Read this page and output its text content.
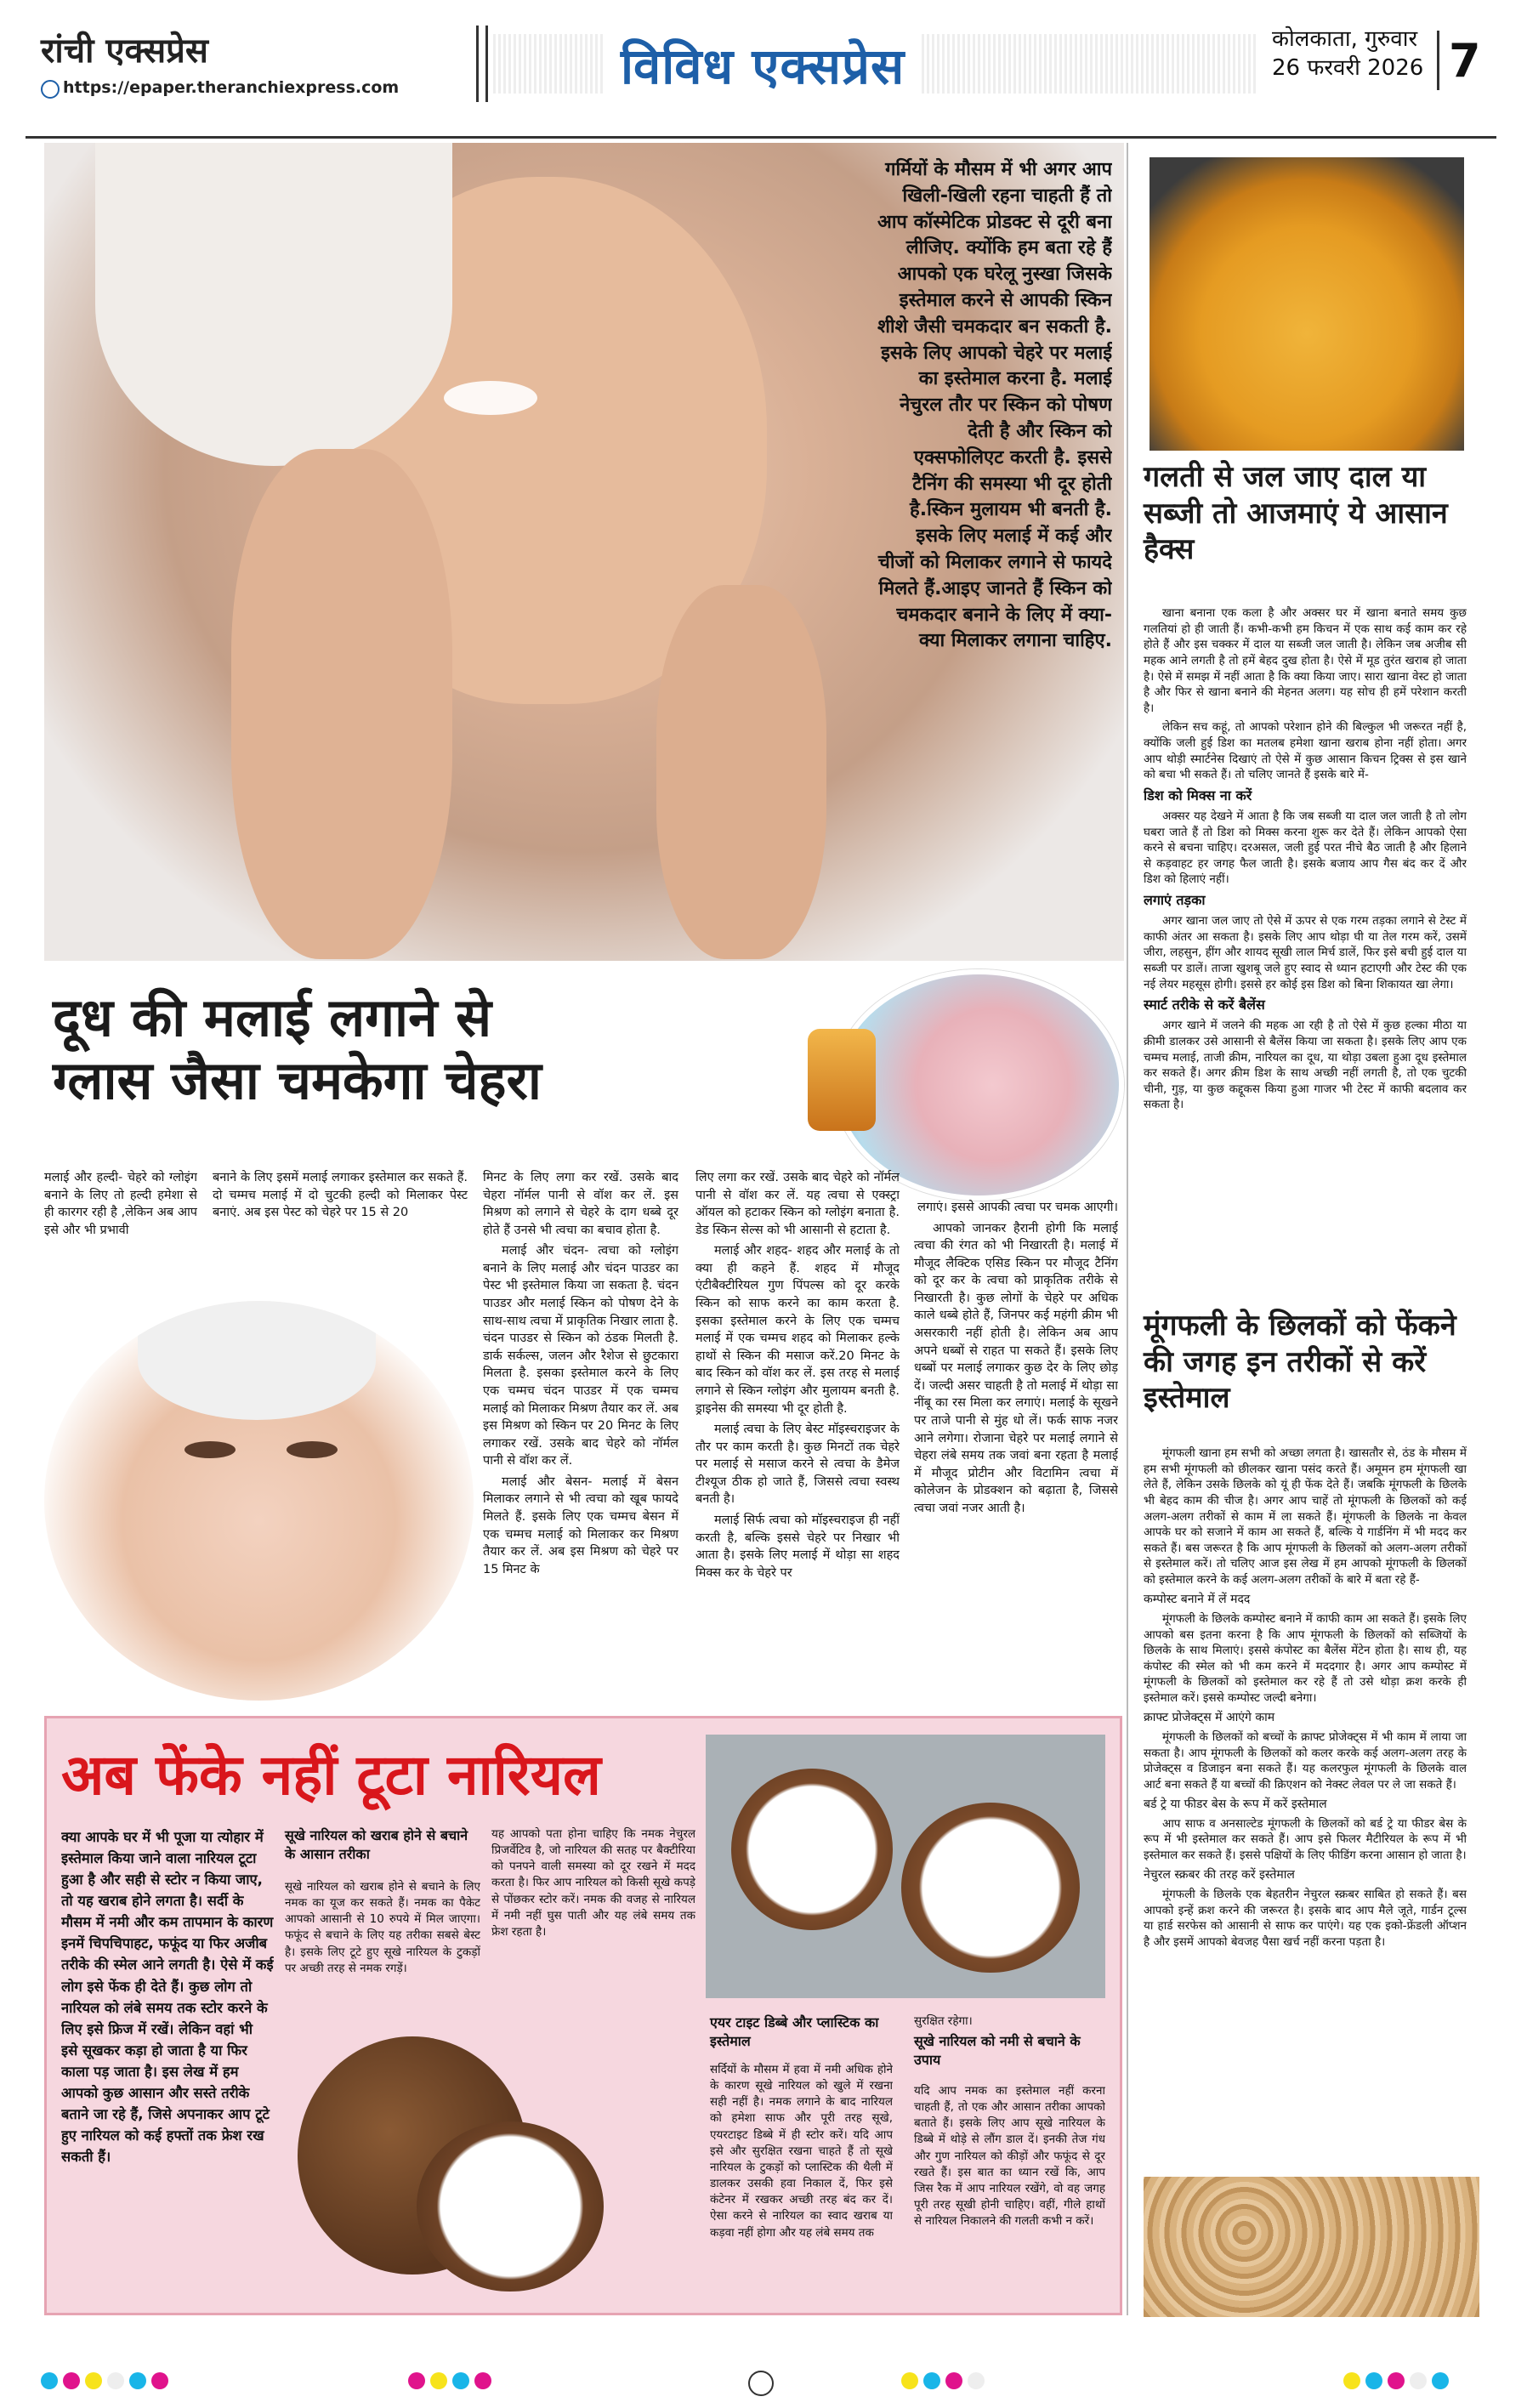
रांची एक्सप्रेस
https://epaper.theranchiexpress.com	विविध एक्सप्रेस	कोलकाता, गुरुवार
26 फरवरी 2026 7
गर्मियों के मौसम में भी अगर आप खिली-खिली रहना चाहती हैं तो आप कॉस्मेटिक प्रोडक्ट से दूरी बना लीजिए. क्योंकि हम बता रहे हैं आपको एक घरेलू नुस्खा जिसके इस्तेमाल करने से आपकी स्किन शीशे जैसी चमकदार बन सकती है. इसके लिए आपको चेहरे पर मलाई का इस्तेमाल करना है. मलाई नेचुरल तौर पर स्किन को पोषण देती है और स्किन को एक्सफोलिएट करती है. इससे टैनिंग की समस्या भी दूर होती है.स्किन मुलायम भी बनती है. इसके लिए मलाई में कई और चीजों को मिलाकर लगाने से फायदे मिलते हैं.आइए जानते हैं स्किन को चमकदार बनाने के लिए में क्या-क्या मिलाकर लगाना चाहिए.
दूध की मलाई लगाने से
ग्लास जैसा चमकेगा चेहरा
मलाई और हल्दी- चेहरे को ग्लोइंग बनाने के लिए तो हल्दी हमेशा से ही कारगर रही है ,लेकिन अब आप इसे और भी प्रभावी
बनाने के लिए इसमें मलाई लगाकर इस्तेमाल कर सकते हैं. दो चम्मच मलाई में दो चुटकी हल्दी को मिलाकर पेस्ट बनाएं. अब इस पेस्ट को चेहरे पर 15 से 20

मिनट के लिए लगा कर रखें. उसके बाद चेहरा नॉर्मल पानी से वॉश कर लें. इस मिश्रण को लगाने से चेहरे के दाग धब्बे दूर होते हैं उनसे भी त्वचा का बचाव होता है.

मलाई और चंदन- त्वचा को ग्लोइंग बनाने के लिए मलाई और चंदन पाउडर का पेस्ट भी इस्तेमाल किया जा सकता है. चंदन पाउडर और मलाई स्किन को पोषण देने के साथ-साथ त्वचा में प्राकृतिक निखार लाता है. चंदन पाउडर से स्किन को ठंडक मिलती है. डार्क सर्कल्स, जलन और रैशेज से छुटकारा मिलता है. इसका इस्तेमाल करने के लिए एक चम्मच चंदन पाउडर में एक चम्मच मलाई को मिलाकर मिश्रण तैयार कर लें. अब इस मिश्रण को स्किन पर 20 मिनट के लिए लगाकर रखें. उसके बाद चेहरे को नॉर्मल पानी से वॉश कर लें.

मलाई और बेसन- मलाई में बेसन मिलाकर लगाने से भी त्वचा को खूब फायदे मिलते हैं. इसके लिए एक चम्मच बेसन में एक चम्मच मलाई को मिलाकर कर मिश्रण तैयार कर लें. अब इस मिश्रण को चेहरे पर 15 मिनट के

लिए लगा कर रखें. उसके बाद चेहरे को नॉर्मल पानी से वॉश कर लें. यह त्वचा से एक्स्ट्रा ऑयल को हटाकर स्किन को ग्लोइंग बनाता है. डेड स्किन सेल्स को भी आसानी से हटाता है.

मलाई और शहद- शहद और मलाई के तो क्या ही कहने हैं. शहद में मौजूद एंटीबैक्टीरियल गुण पिंपल्स को दूर करके स्किन को साफ करने का काम करता है. इसका इस्तेमाल करने के लिए एक चम्मच मलाई में एक चम्मच शहद को मिलाकर हल्के हाथों से स्किन की मसाज करें.20 मिनट के बाद स्किन को वॉश कर लें. इस तरह से मलाई लगाने से स्किन ग्लोइंग और मुलायम बनती है. ड्राइनेस की समस्या भी दूर होती है.

मलाई त्वचा के लिए बेस्ट मॉइस्चराइजर के तौर पर काम करती है। कुछ मिनटों तक चेहरे पर मलाई से मसाज करने से त्वचा के डैमेज टीश्यूज ठीक हो जाते हैं, जिससे त्वचा स्वस्थ बनती है।

मलाई सिर्फ त्वचा को मॉइस्चराइज ही नहीं करती है, बल्कि इससे चेहरे पर निखार भी आता है। इसके लिए मलाई में थोड़ा सा शहद मिक्स कर के चेहरे पर

लगाएं। इससे आपकी त्वचा पर चमक आएगी।

आपको जानकर हैरानी होगी कि मलाई त्वचा की रंगत को भी निखारती है। मलाई में मौजूद लैक्टिक एसिड स्किन पर मौजूद टैनिंग को दूर कर के त्वचा को प्राकृतिक तरीके से निखारती है। कुछ लोगों के चेहरे पर अधिक काले धब्बे होते हैं, जिनपर कई महंगी क्रीम भी असरकारी नहीं होती है। लेकिन अब आप अपने धब्बों से राहत पा सकते हैं। इसके लिए धब्बों पर मलाई लगाकर कुछ देर के लिए छोड़ दें। जल्दी असर चाहती है तो मलाई में थोड़ा सा नींबू का रस मिला कर लगाएं। मलाई के सूखने पर ताजे पानी से मुंह धो लें। फर्क साफ नजर आने लगेगा। रोजाना चेहरे पर मलाई लगाने से चेहरा लंबे समय तक जवां बना रहता है मलाई में मौजूद प्रोटीन और विटामिन त्वचा में कोलेजन के प्रोडक्शन को बढ़ाता है, जिससे त्वचा जवां नजर आती है।

गलती से जल जाए दाल या सब्जी तो आजमाएं ये आसान हैक्स

खाना बनाना एक कला है और अक्सर घर में खाना बनाते समय कुछ गलतियां हो ही जाती हैं। कभी-कभी हम किचन में एक साथ कई काम कर रहे होते हैं और इस चक्कर में दाल या सब्जी जल जाती है। लेकिन जब अजीब सी महक आने लगती है तो हमें बेहद दुख होता है। ऐसे में मूड तुरंत खराब हो जाता है। ऐसे में समझ में नहीं आता है कि क्या किया जाए। सारा खाना वेस्ट हो जाता है और फिर से खाना बनाने की मेहनत अलग। यह सोच ही हमें परेशान करती है।

लेकिन सच कहूं, तो आपको परेशान होने की बिल्कुल भी जरूरत नहीं है, क्योंकि जली हुई डिश का मतलब हमेशा खाना खराब होना नहीं होता। अगर आप थोड़ी स्मार्टनेस दिखाएं तो ऐसे में कुछ आसान किचन ट्रिक्स से इस खाने को बचा भी सकते हैं। तो चलिए जानते हैं इसके बारे में-

डिश को मिक्स ना करें

अक्सर यह देखने में आता है कि जब सब्जी या दाल जल जाती है तो लोग घबरा जाते हैं तो डिश को मिक्स करना शुरू कर देते हैं। लेकिन आपको ऐसा करने से बचना चाहिए। दरअसल, जली हुई परत नीचे बैठ जाती है और हिलाने से कड़वाहट हर जगह फैल जाती है। इसके बजाय आप गैस बंद कर दें और डिश को हिलाएं नहीं।

लगाएं तड़का

अगर खाना जल जाए तो ऐसे में ऊपर से एक गरम तड़का लगाने से टेस्ट में काफी अंतर आ सकता है। इसके लिए आप थोड़ा घी या तेल गरम करें, उसमें जीरा, लहसुन, हींग और शायद सूखी लाल मिर्च डालें, फिर इसे बची हुई दाल या सब्जी पर डालें। ताजा खुशबू जले हुए स्वाद से ध्यान हटाएगी और टेस्ट की एक नई लेयर महसूस होगी। इससे हर कोई इस डिश को बिना शिकायत खा लेगा।

स्मार्ट तरीके से करें बैलेंस

अगर खाने में जलने की महक आ रही है तो ऐसे में कुछ हल्का मीठा या क्रीमी डालकर उसे आसानी से बैलेंस किया जा सकता है। इसके लिए आप एक चम्मच मलाई, ताजी क्रीम, नारियल का दूध, या थोड़ा उबला हुआ दूध इस्तेमाल कर सकते हैं। अगर क्रीम डिश के साथ अच्छी नहीं लगती है, तो एक चुटकी चीनी, गुड़, या कुछ कद्दूकस किया हुआ गाजर भी टेस्ट में काफी बदलाव कर सकता है।

मूंगफली के छिलकों को फेंकने की जगह इन तरीकों से करें इस्तेमाल

मूंगफली खाना हम सभी को अच्छा लगता है। खासतौर से, ठंड के मौसम में हम सभी मूंगफली को छीलकर खाना पसंद करते हैं। अमूमन हम मूंगफली खा लेते हैं, लेकिन उसके छिलके को यूं ही फेंक देते हैं। जबकि मूंगफली के छिलके भी बेहद काम की चीज है। अगर आप चाहें तो मूंगफली के छिलकों को कई अलग-अलग तरीकों से काम में ला सकते हैं। मूंगफली के छिलके ना केवल आपके घर को सजाने में काम आ सकते हैं, बल्कि ये गार्डनिंग में भी मदद कर सकते हैं। बस जरूरत है कि आप मूंगफली के छिलकों को अलग-अलग तरीकों से इस्तेमाल करें। तो चलिए आज इस लेख में हम आपको मूंगफली के छिलकों को इस्तेमाल करने के कई अलग-अलग तरीकों के बारे में बता रहे हैं-

कम्पोस्ट बनाने में लें मदद

मूंगफली के छिलके कम्पोस्ट बनाने में काफी काम आ सकते हैं। इसके लिए आपको बस इतना करना है कि आप मूंगफली के छिलकों को सब्जियों के छिलके के साथ मिलाएं। इससे कंपोस्ट का बैलेंस मेंटेन होता है। साथ ही, यह कंपोस्ट की स्मेल को भी कम करने में मददगार है। अगर आप कम्पोस्ट में मूंगफली के छिलकों को इस्तेमाल कर रहे हैं तो उसे थोड़ा क्रश करके ही इस्तेमाल करें। इससे कम्पोस्ट जल्दी बनेगा।

क्राफ्ट प्रोजेक्ट्स में आएंगे काम

मूंगफली के छिलकों को बच्चों के क्राफ्ट प्रोजेक्ट्स में भी काम में लाया जा सकता है। आप मूंगफली के छिलकों को कलर करके कई अलग-अलग तरह के प्रोजेक्ट्स व डिजाइन बना सकते हैं। यह कलरफुल मूंगफली के छिलके वाल आर्ट बना सकते हैं या बच्चों की क्रिएशन को नेक्स्ट लेवल पर ले जा सकते हैं।

बर्ड ट्रे या फीडर बेस के रूप में करें इस्तेमाल

आप साफ व अनसाल्टेड मूंगफली के छिलकों को बर्ड ट्रे या फीडर बेस के रूप में भी इस्तेमाल कर सकते हैं। आप इसे फिलर मैटीरियल के रूप में भी इस्तेमाल कर सकते हैं। इससे पक्षियों के लिए फीडिंग करना आसान हो जाता है।

नेचुरल स्क्रबर की तरह करें इस्तेमाल

मूंगफली के छिलके एक बेहतरीन नेचुरल स्क्रबर साबित हो सकते हैं। बस आपको इन्हें क्रश करने की जरूरत है। इसके बाद आप मैले जूते, गार्डन टूल्स या हार्ड सरफेस को आसानी से साफ कर पाएंगे। यह एक इको-फ्रेंडली ऑप्शन है और इसमें आपको बेवजह पैसा खर्च नहीं करना पड़ता है।

अब फेंके नहीं टूटा नारियल
क्या आपके घर में भी पूजा या त्योहार में इस्तेमाल किया जाने वाला नारियल टूटा हुआ है और सही से स्टोर न किया जाए, तो यह खराब होने लगता है। सर्दी के मौसम में नमी और कम तापमान के कारण इनमें चिपचिपाहट, फफूंद या फिर अजीब तरीके की स्मेल आने लगती है। ऐसे में कई लोग इसे फेंक ही देते हैं। कुछ लोग तो नारियल को लंबे समय तक स्टोर करने के लिए इसे फ्रिज में रखें। लेकिन वहां भी इसे सूखकर कड़ा हो जाता है या फिर काला पड़ जाता है। इस लेख में हम आपको कुछ आसान और सस्ते तरीके बताने जा रहे हैं, जिसे अपनाकर आप टूटे हुए नारियल को कई हफ्तों तक फ्रेश रख सकती हैं।
सूखे नारियल को खराब होने से बचाने के आसान तरीका
सूखे नारियल को खराब होने से बचाने के लिए नमक का यूज कर सकते हैं। नमक का पैकेट आपको आसानी से 10 रुपये में मिल जाएगा। फफूंद से बचाने के लिए यह तरीका सबसे बेस्ट है। इसके लिए टूटे हुए सूखे नारियल के टुकड़ों पर अच्छी तरह से नमक रगड़ें।
यह आपको पता होना चाहिए कि नमक नेचुरल प्रिजर्वेटिव है, जो नारियल की सतह पर बैक्टीरिया को पनपने वाली समस्या को दूर रखने में मदद करता है। फिर आप नारियल को किसी सूखे कपड़े से पोंछकर स्टोर करें। नमक की वजह से नारियल में नमी नहीं घुस पाती और यह लंबे समय तक फ्रेश रहता है।
एयर टाइट डिब्बे और प्लास्टिक का इस्तेमाल
सर्दियों के मौसम में हवा में नमी अधिक होने के कारण सूखे नारियल को खुले में रखना सही नहीं है। नमक लगाने के बाद नारियल को हमेशा साफ और पूरी तरह सूखे, एयरटाइट डिब्बे में ही स्टोर करें। यदि आप इसे और सुरक्षित रखना चाहते हैं तो सूखे नारियल के टुकड़ों को प्लास्टिक की थैली में डालकर उसकी हवा निकाल दें, फिर इसे कंटेनर में रखकर अच्छी तरह बंद कर दें। ऐसा करने से नारियल का स्वाद खराब या कड़वा नहीं होगा और यह लंबे समय तक
सुरक्षित रहेगा।
सूखे नारियल को नमी से बचाने के उपाय
यदि आप नमक का इस्तेमाल नहीं करना चाहती हैं, तो एक और आसान तरीका आपको बताते हैं। इसके लिए आप सूखे नारियल के डिब्बे में थोड़े से लौंग डाल दें। इनकी तेज गंध और गुण नारियल को कीड़ों और फफूंद से दूर रखते हैं। इस बात का ध्यान रखें कि, आप जिस रैक में आप नारियल रखेंगे, वो वह जगह पूरी तरह सूखी होनी चाहिए। वहीं, गीले हाथों से नारियल निकालने की गलती कभी न करें।
